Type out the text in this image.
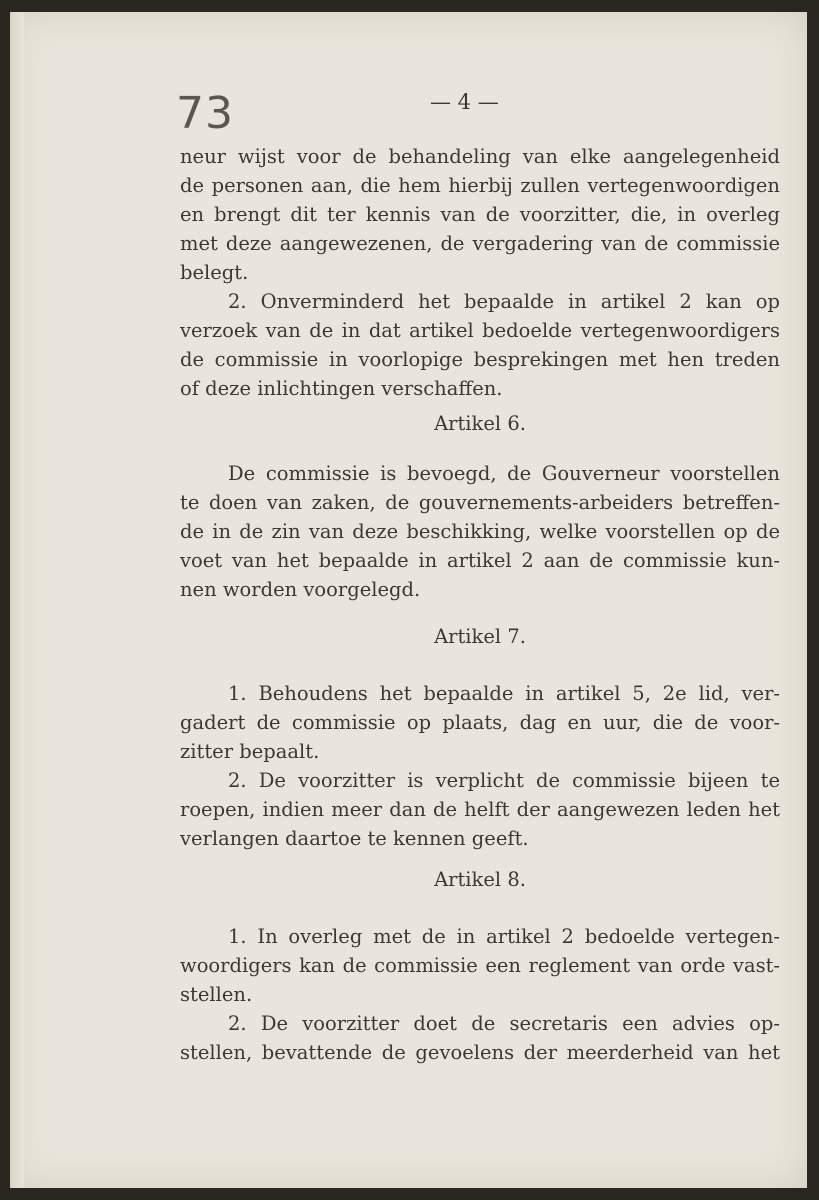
73	— 4 —
neur wijst voor de behandeling van elke aangelegenheid
de personen aan, die hem hierbij zullen vertegenwoordigen
en brengt dit ter kennis van de voorzitter, die, in overleg
met deze aangewezenen, de vergadering van de commissie
belegt.
2. Onverminderd het bepaalde in artikel 2 kan op
verzoek van de in dat artikel bedoelde vertegenwoordigers
de commissie in voorlopige besprekingen met hen treden
of deze inlichtingen verschaffen.
Artikel 6.
De commissie is bevoegd, de Gouverneur voorstellen
te doen van zaken, de gouvernements-arbeiders betreffen-
de in de zin van deze beschikking, welke voorstellen op de
voet van het bepaalde in artikel 2 aan de commissie kun-
nen worden voorgelegd.
Artikel 7.
1. Behoudens het bepaalde in artikel 5, 2e lid, ver-
gadert de commissie op plaats, dag en uur, die de voor-
zitter bepaalt.
2. De voorzitter is verplicht de commissie bijeen te
roepen, indien meer dan de helft der aangewezen leden het
verlangen daartoe te kennen geeft.
Artikel 8.
1. In overleg met de in artikel 2 bedoelde vertegen-
woordigers kan de commissie een reglement van orde vast-
stellen.
2. De voorzitter doet de secretaris een advies op-
stellen, bevattende de gevoelens der meerderheid van het
